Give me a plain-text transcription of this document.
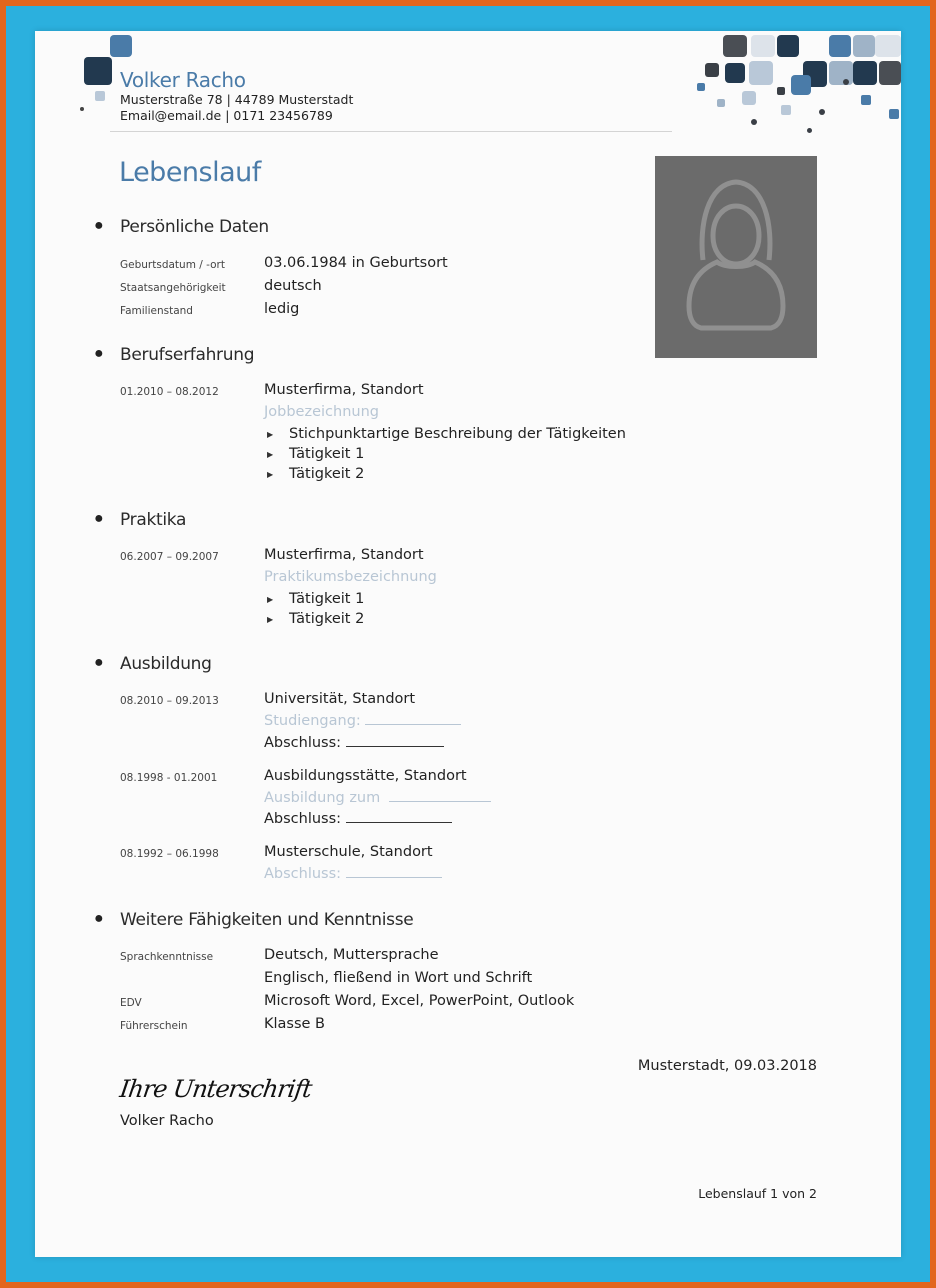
Volker Racho
Musterstraße 78 | 44789 Musterstadt
Email@email.de | 0171 23456789
Lebenslauf
● Persönliche Daten
Geburtsdatum / -ort	03.06.1984 in Geburtsort
Staatsangehörigkeit	deutsch
Familienstand	ledig
● Berufserfahrung
01.2010 – 08.2012	Musterfirma, Standort
Jobbezeichnung
▶ Stichpunktartige Beschreibung der Tätigkeiten
▶ Tätigkeit 1
▶ Tätigkeit 2
● Praktika
06.2007 – 09.2007	Musterfirma, Standort
Praktikumsbezeichnung
▶ Tätigkeit 1
▶ Tätigkeit 2
● Ausbildung
08.2010 – 09.2013	Universität, Standort
Studiengang:
Abschluss:
08.1998 - 01.2001	Ausbildungsstätte, Standort
Ausbildung zum
Abschluss:
08.1992 – 06.1998	Musterschule, Standort
Abschluss:
● Weitere Fähigkeiten und Kenntnisse
Sprachkenntnisse	Deutsch, Muttersprache
Englisch, fließend in Wort und Schrift
EDV	Microsoft Word, Excel, PowerPoint, Outlook
Führerschein	Klasse B
Musterstadt, 09.03.2018
Ihre Unterschrift
Volker Racho
Lebenslauf 1 von 2
